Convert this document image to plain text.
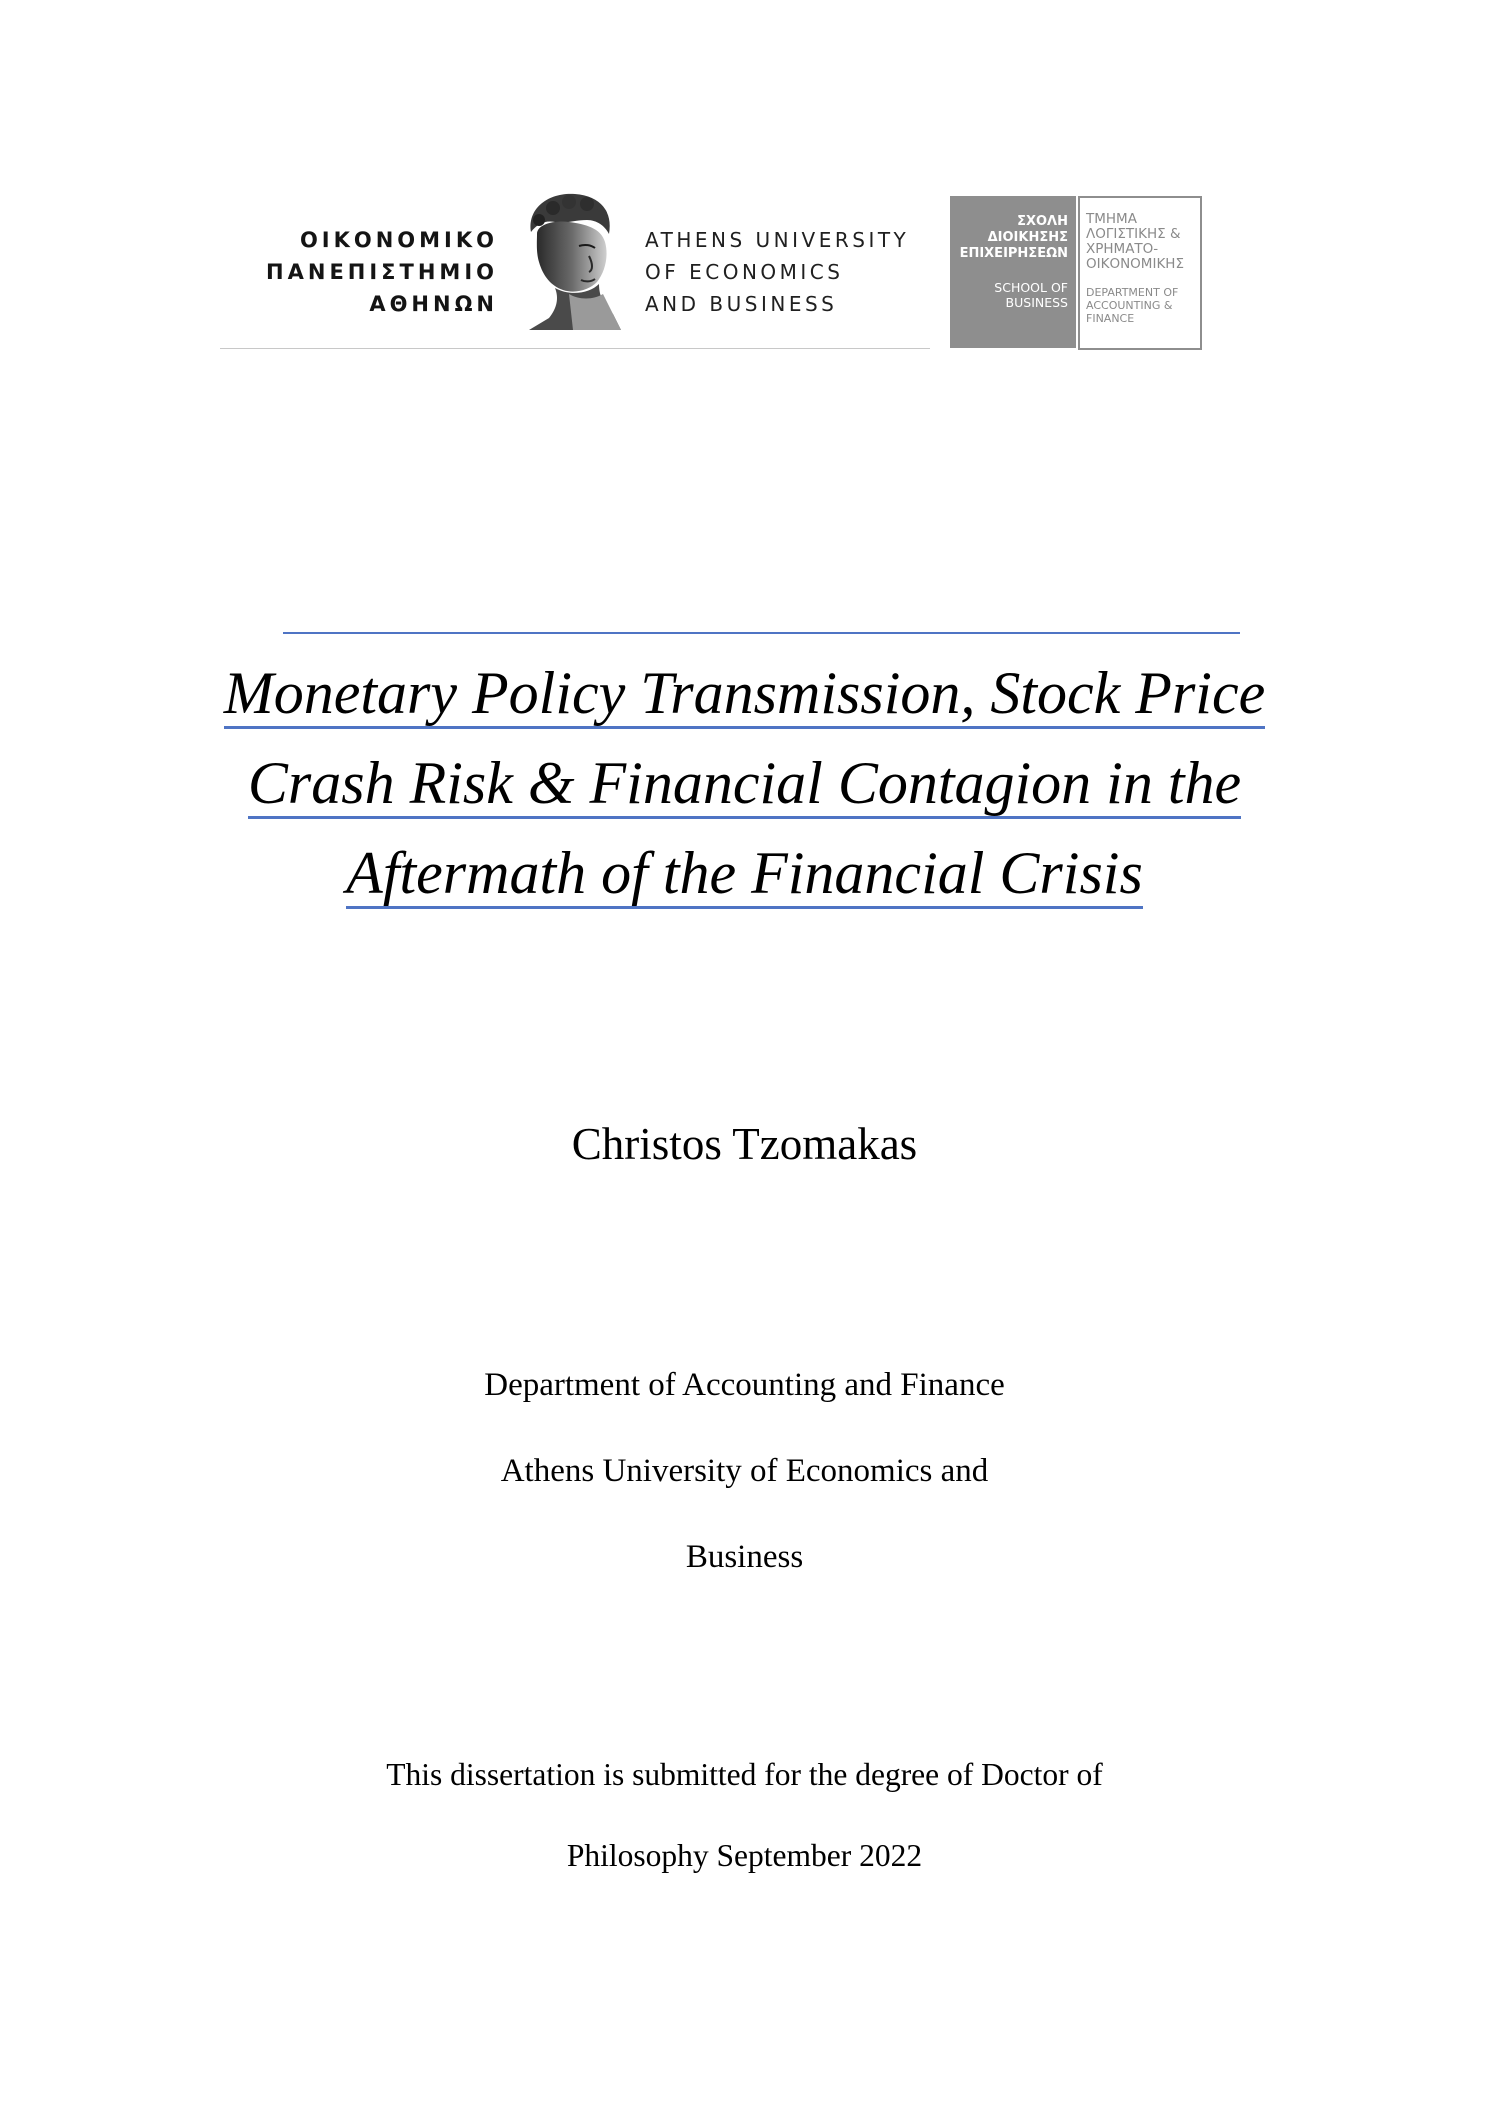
ΟΙΚΟΝΟΜΙΚΟ
ΠΑΝΕΠΙΣΤΗΜΙΟ
ΑΘΗΝΩΝ
ATHENS UNIVERSITY
OF ECONOMICS
AND BUSINESS
ΣΧΟΛΗ
ΔΙΟΙΚΗΣΗΣ
ΕΠΙΧΕΙΡΗΣΕΩΝ
SCHOOL OF
BUSINESS
ΤΜΗΜΑ
ΛΟΓΙΣΤΙΚΗΣ &
ΧΡΗΜΑΤΟ-
ΟΙΚΟΝΟΜΙΚΗΣ
DEPARTMENT OF
ACCOUNTING &
FINANCE
Monetary Policy Transmission, Stock Price
Crash Risk & Financial Contagion in the
Aftermath of the Financial Crisis
Christos Tzomakas
Department of Accounting and Finance
Athens University of Economics and
Business
This dissertation is submitted for the degree of Doctor of
Philosophy September 2022
